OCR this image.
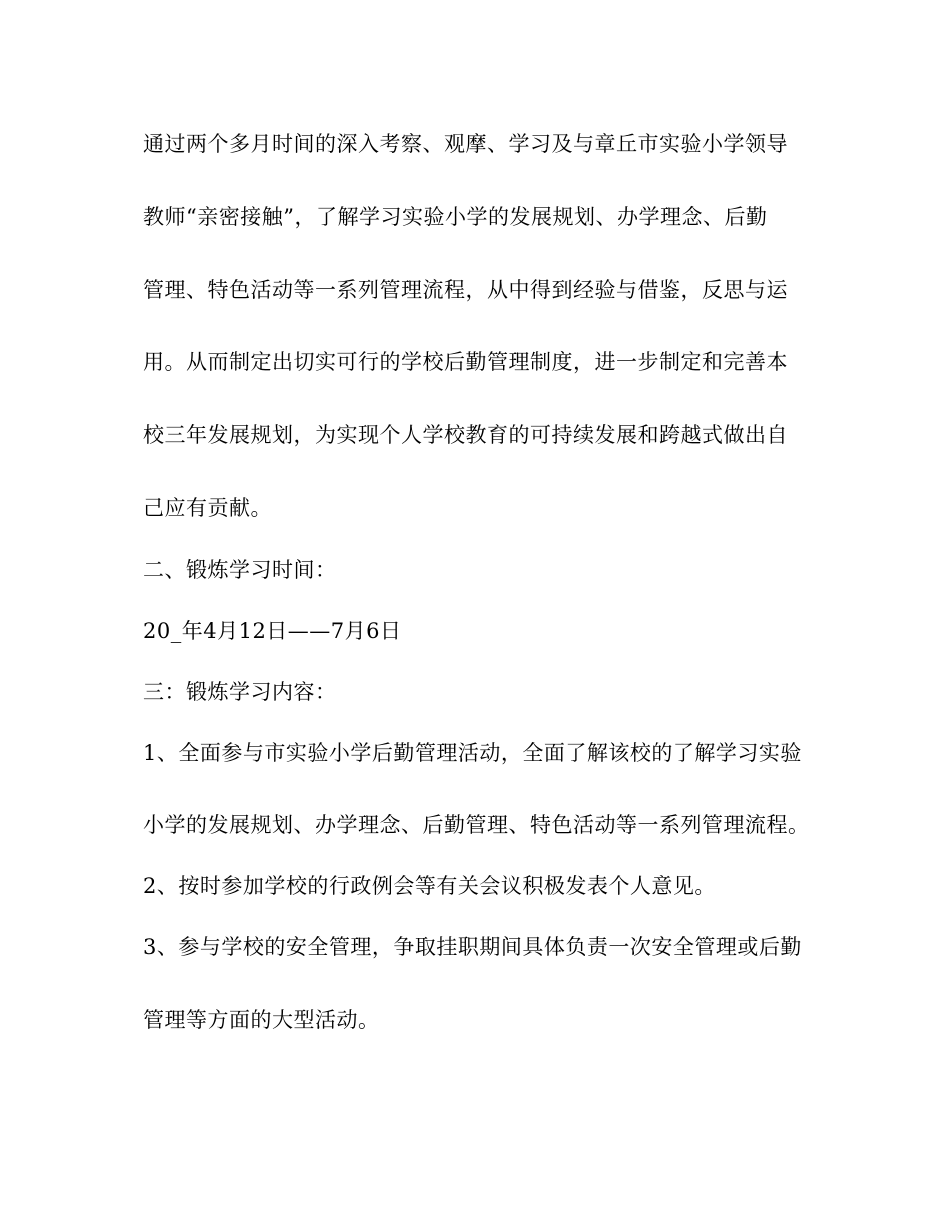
通过两个多月时间的深入考察、观摩、学习及与章丘市实验小学领导
教师“亲密接触”，了解学习实验小学的发展规划、办学理念、后勤
管理、特色活动等一系列管理流程，从中得到经验与借鉴，反思与运
用。从而制定出切实可行的学校后勤管理制度，进一步制定和完善本
校三年发展规划，为实现个人学校教育的可持续发展和跨越式做出自
己应有贡献。
二、锻炼学习时间：
20_年4月12日——7月6日
三：锻炼学习内容：
1、全面参与市实验小学后勤管理活动，全面了解该校的了解学习实验
小学的发展规划、办学理念、后勤管理、特色活动等一系列管理流程。
2、按时参加学校的行政例会等有关会议积极发表个人意见。
3、参与学校的安全管理，争取挂职期间具体负责一次安全管理或后勤
管理等方面的大型活动。
